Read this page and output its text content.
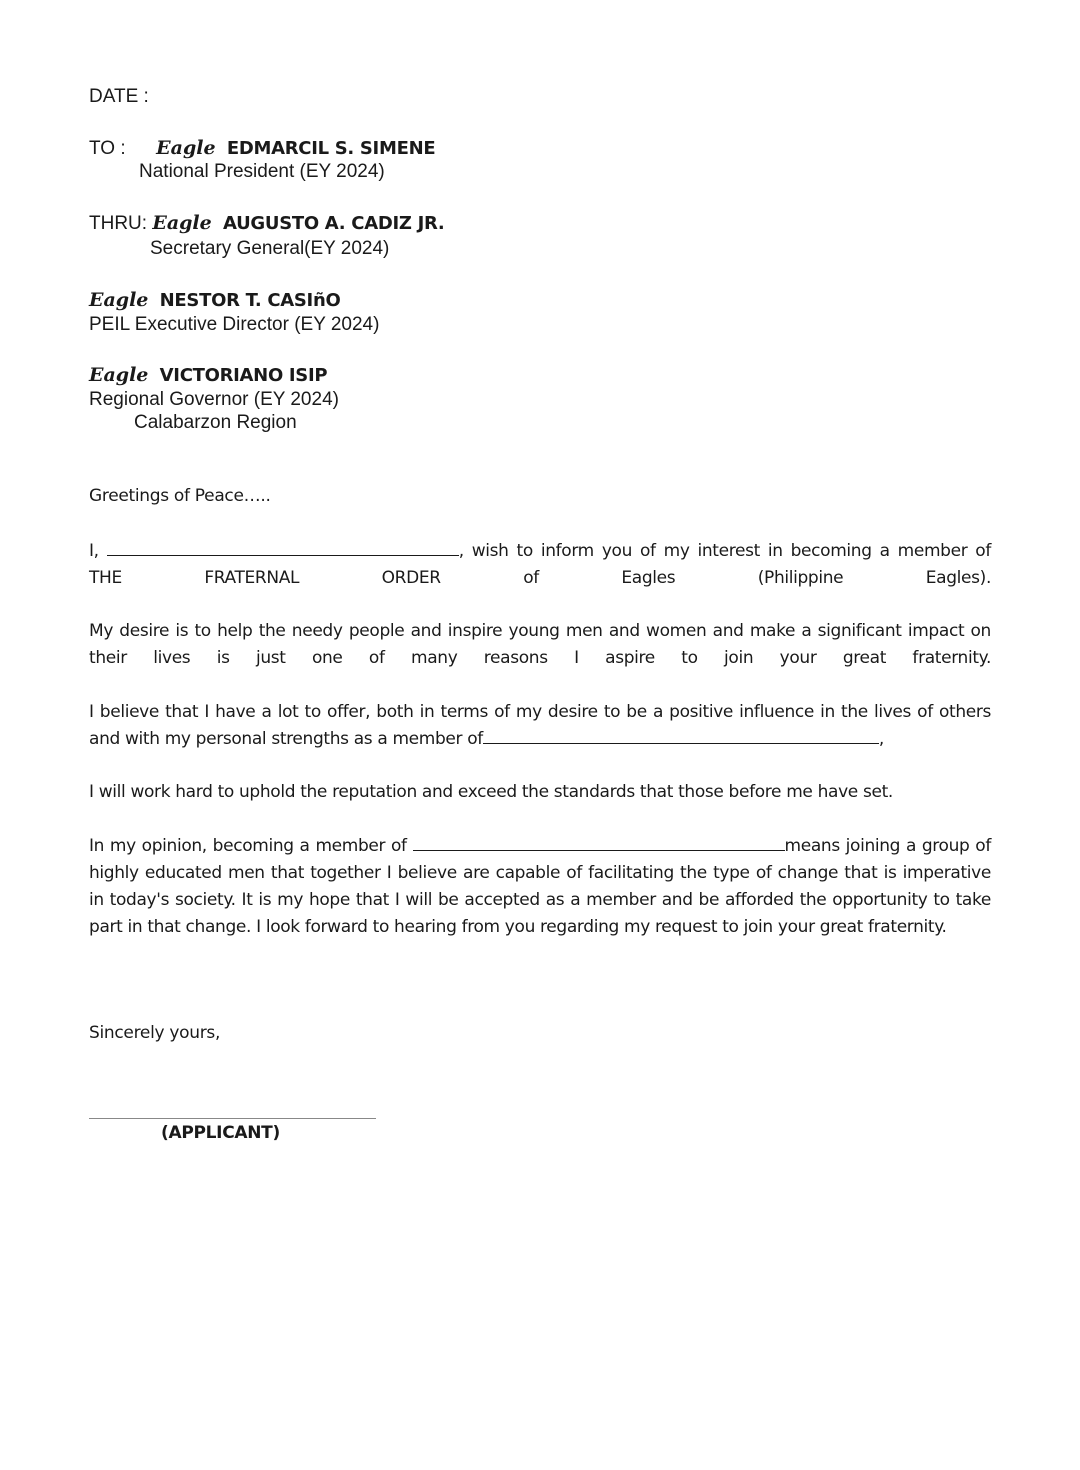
DATE :
TO : Eagle EDMARCIL S. SIMENE
National President (EY 2024)
THRU: Eagle AUGUSTO A. CADIZ JR.
Secretary General(EY 2024)
Eagle NESTOR T. CASIñO
PEIL Executive Director (EY 2024)
Eagle VICTORIANO ISIP
Regional Governor (EY 2024)
Calabarzon Region
Greetings of Peace…..
I,	, wish to inform you of my interest in becoming a member of THE FRATERNAL ORDER of Eagles (Philippine Eagles).
My desire is to help the needy people and inspire young men and women and make a significant impact on their lives is just one of many reasons I aspire to join your great fraternity.
I believe that I have a lot to offer, both in terms of my desire to be a positive influence in the lives of others and with my personal strengths as a member of	,
I will work hard to uphold the reputation and exceed the standards that those before me have set.
In my opinion, becoming a member of	means joining a group of highly educated men that together I believe are capable of facilitating the type of change that is imperative in today's society. It is my hope that I will be accepted as a member and be afforded the opportunity to take part in that change. I look forward to hearing from you regarding my request to join your great fraternity.
Sincerely yours,
(APPLICANT)
